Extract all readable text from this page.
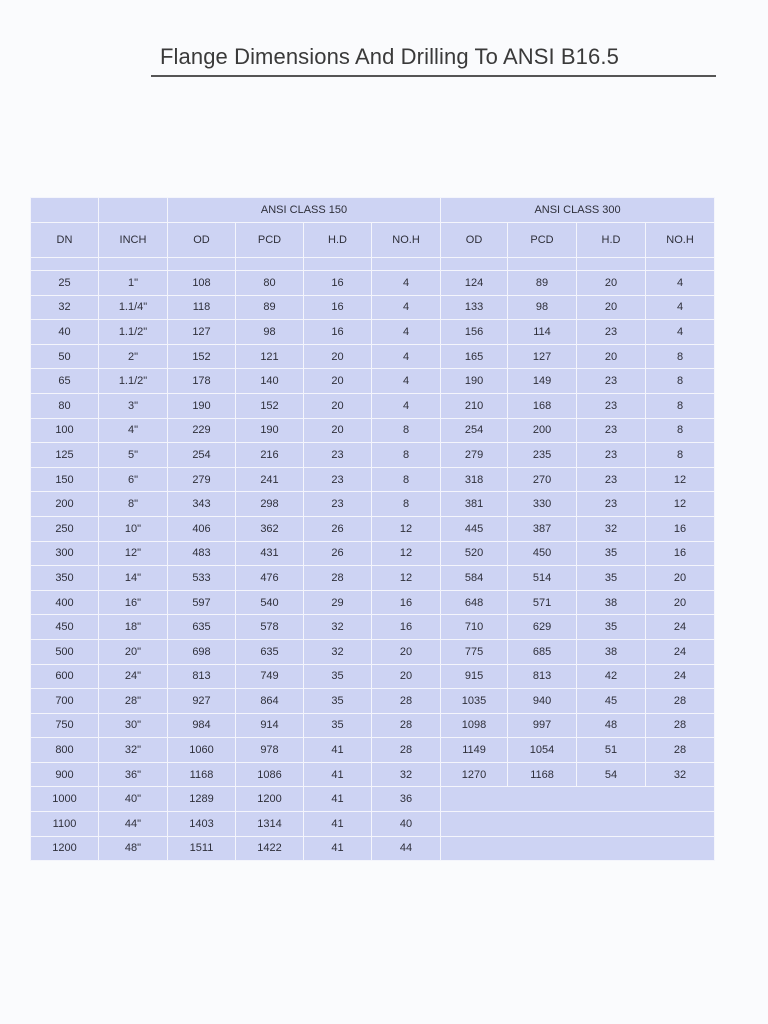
Flange Dimensions And Drilling To ANSI B16.5
		ANSI CLASS 150				ANSI CLASS 300			
DN	INCH	OD	PCD	H.D	NO.H	OD	PCD	H.D	NO.H

25	1"	108	80	16	4	124	89	20	4
32	1.1/4"	118	89	16	4	133	98	20	4
40	1.1/2"	127	98	16	4	156	114	23	4
50	2"	152	121	20	4	165	127	20	8
65	1.1/2"	178	140	20	4	190	149	23	8
80	3"	190	152	20	4	210	168	23	8
100	4"	229	190	20	8	254	200	23	8
125	5"	254	216	23	8	279	235	23	8
150	6"	279	241	23	8	318	270	23	12
200	8"	343	298	23	8	381	330	23	12
250	10"	406	362	26	12	445	387	32	16
300	12"	483	431	26	12	520	450	35	16
350	14"	533	476	28	12	584	514	35	20
400	16"	597	540	29	16	648	571	38	20
450	18"	635	578	32	16	710	629	35	24
500	20"	698	635	32	20	775	685	38	24
600	24"	813	749	35	20	915	813	42	24
700	28"	927	864	35	28	1035	940	45	28
750	30"	984	914	35	28	1098	997	48	28
800	32"	1060	978	41	28	1149	1054	51	28
900	36"	1168	1086	41	32	1270	1168	54	32
1000	40"	1289	1200	41	36				
1100	44"	1403	1314	41	40				
1200	48"	1511	1422	41	44				
